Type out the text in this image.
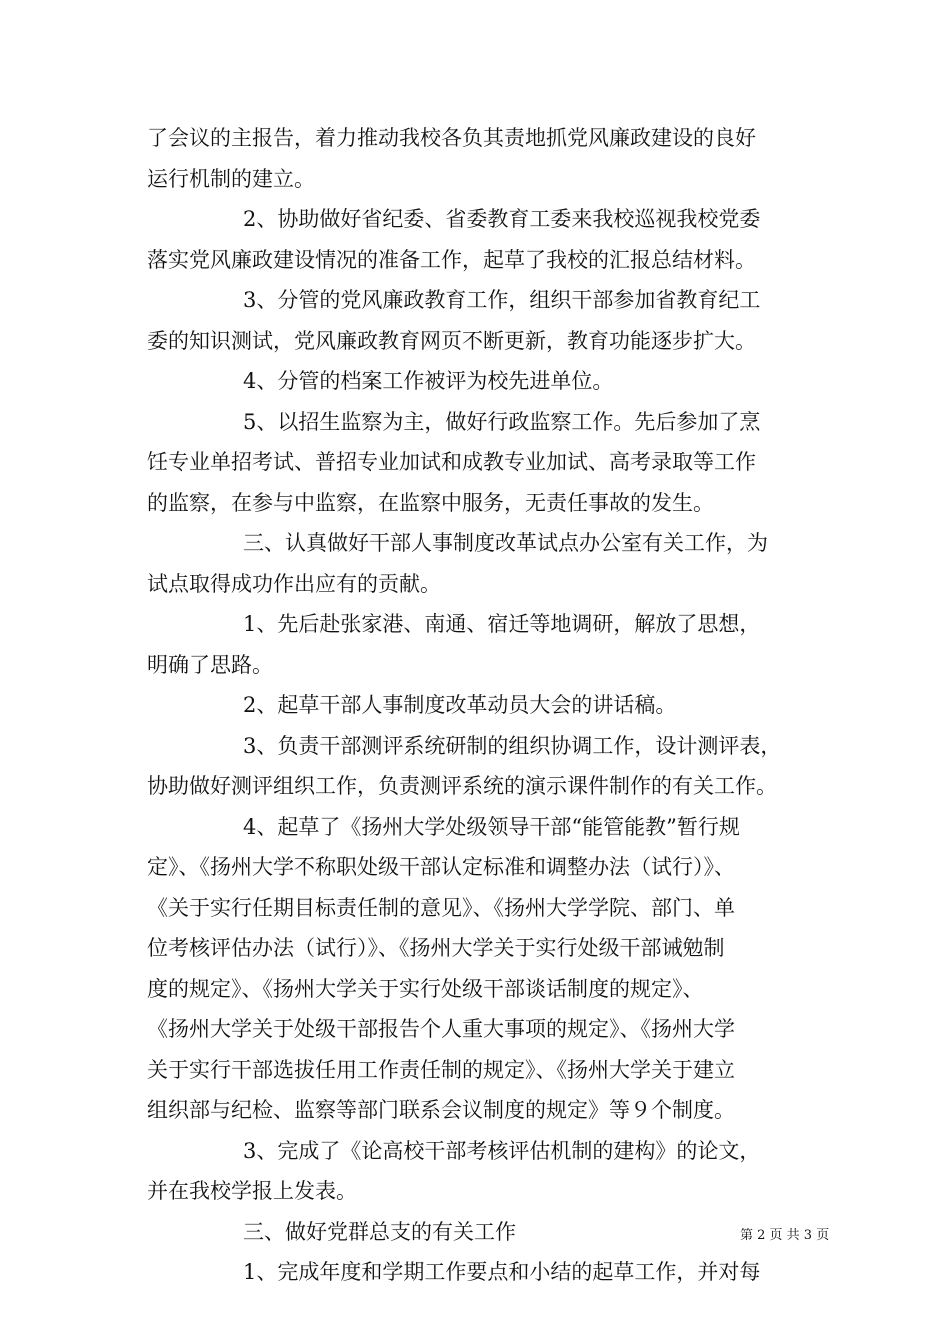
了会议的主报告，着力推动我校各负其责地抓党风廉政建设的良好
运行机制的建立。
2、协助做好省纪委、省委教育工委来我校巡视我校党委
落实党风廉政建设情况的准备工作，起草了我校的汇报总结材料。
3、分管的党风廉政教育工作，组织干部参加省教育纪工
委的知识测试，党风廉政教育网页不断更新，教育功能逐步扩大。
4、分管的档案工作被评为校先进单位。
5、以招生监察为主，做好行政监察工作。先后参加了烹
饪专业单招考试、普招专业加试和成教专业加试、高考录取等工作
的监察，在参与中监察，在监察中服务，无责任事故的发生。
三、认真做好干部人事制度改革试点办公室有关工作，为
试点取得成功作出应有的贡献。
1、先后赴张家港、南通、宿迁等地调研，解放了思想，
明确了思路。
2、起草干部人事制度改革动员大会的讲话稿。
3、负责干部测评系统研制的组织协调工作，设计测评表，
协助做好测评组织工作，负责测评系统的演示课件制作的有关工作。
4、起草了《扬州大学处级领导干部“能管能教”暂行规
定》、《扬州大学不称职处级干部认定标准和调整办法（试行）》、
《关于实行任期目标责任制的意见》、《扬州大学学院、部门、单
位考核评估办法（试行）》、《扬州大学关于实行处级干部诫勉制
度的规定》、《扬州大学关于实行处级干部谈话制度的规定》、
《扬州大学关于处级干部报告个人重大事项的规定》、《扬州大学
关于实行干部选拔任用工作责任制的规定》、《扬州大学关于建立
组织部与纪检、监察等部门联系会议制度的规定》等９个制度。
3、完成了《论高校干部考核评估机制的建构》的论文，
并在我校学报上发表。
三、做好党群总支的有关工作
1、完成年度和学期工作要点和小结的起草工作，并对每
第 2 页 共 3 页
